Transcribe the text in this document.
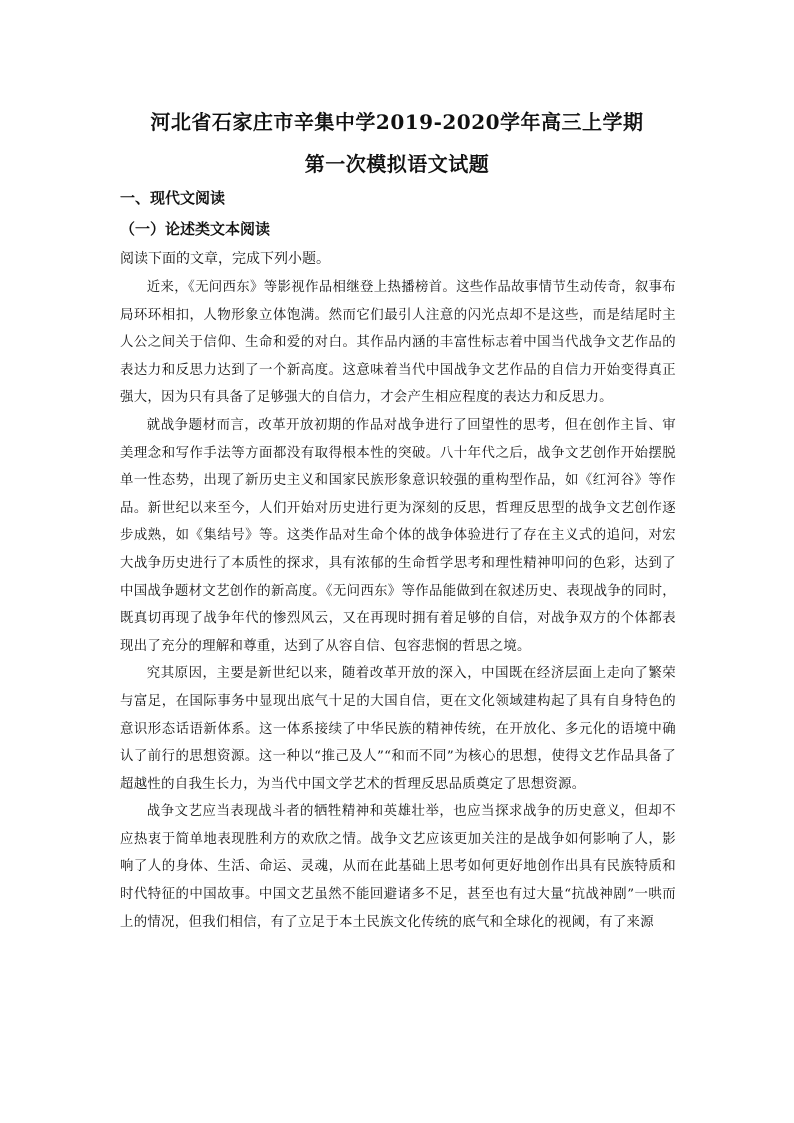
河北省石家庄市辛集中学2019-2020学年高三上学期
第一次模拟语文试题
一、现代文阅读
（一）论述类文本阅读

阅读下面的文章，完成下列小题。

近来，《无问西东》等影视作品相继登上热播榜首。这些作品故事情节生动传奇，叙事布局环环相扣，人物形象立体饱满。然而它们最引人注意的闪光点却不是这些，而是结尾时主人公之间关于信仰、生命和爱的对白。其作品内涵的丰富性标志着中国当代战争文艺作品的表达力和反思力达到了一个新高度。这意味着当代中国战争文艺作品的自信力开始变得真正强大，因为只有具备了足够强大的自信力，才会产生相应程度的表达力和反思力。

就战争题材而言，改革开放初期的作品对战争进行了回望性的思考，但在创作主旨、审美理念和写作手法等方面都没有取得根本性的突破。八十年代之后，战争文艺创作开始摆脱单一性态势，出现了新历史主义和国家民族形象意识较强的重构型作品，如《红河谷》等作品。新世纪以来至今，人们开始对历史进行更为深刻的反思，哲理反思型的战争文艺创作逐步成熟，如《集结号》等。这类作品对生命个体的战争体验进行了存在主义式的追问，对宏大战争历史进行了本质性的探求，具有浓郁的生命哲学思考和理性精神叩问的色彩，达到了中国战争题材文艺创作的新高度。《无问西东》等作品能做到在叙述历史、表现战争的同时，既真切再现了战争年代的惨烈风云，又在再现时拥有着足够的自信，对战争双方的个体都表现出了充分的理解和尊重，达到了从容自信、包容悲悯的哲思之境。

究其原因，主要是新世纪以来，随着改革开放的深入，中国既在经济层面上走向了繁荣与富足，在国际事务中显现出底气十足的大国自信，更在文化领域建构起了具有自身特色的意识形态话语新体系。这一体系接续了中华民族的精神传统，在开放化、多元化的语境中确认了前行的思想资源。这一种以“推己及人”“和而不同”为核心的思想，使得文艺作品具备了超越性的自我生长力，为当代中国文学艺术的哲理反思品质奠定了思想资源。

战争文艺应当表现战斗者的牺牲精神和英雄壮举，也应当探求战争的历史意义，但却不应热衷于简单地表现胜利方的欢欣之情。战争文艺应该更加关注的是战争如何影响了人，影响了人的身体、生活、命运、灵魂，从而在此基础上思考如何更好地创作出具有民族特质和时代特征的中国故事。中国文艺虽然不能回避诸多不足，甚至也有过大量“抗战神剧”一哄而上的情况，但我们相信，有了立足于本土民族文化传统的底气和全球化的视阈，有了来源
